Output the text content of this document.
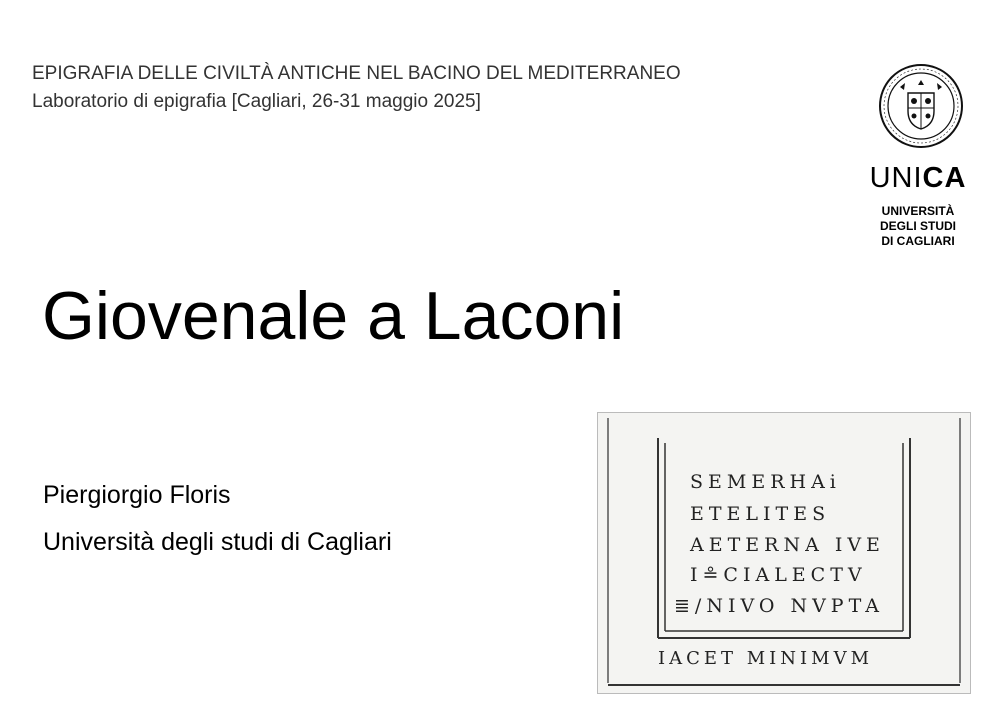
EPIGRAFIA DELLE CIVILTÀ ANTICHE NEL BACINO DEL MEDITERRANEO
Laboratorio di epigrafia [Cagliari, 26-31 maggio 2025]
UNICA
UNIVERSITÀ
DEGLI STUDI
DI CAGLIARI
Giovenale a Laconi
Piergiorgio Floris
Università degli studi di Cagliari
SEMERHAi
ETELITES
AETERNA IVE
I≗CIALECTV
≣/NIVO NVPTA
IACET MINIMVM
